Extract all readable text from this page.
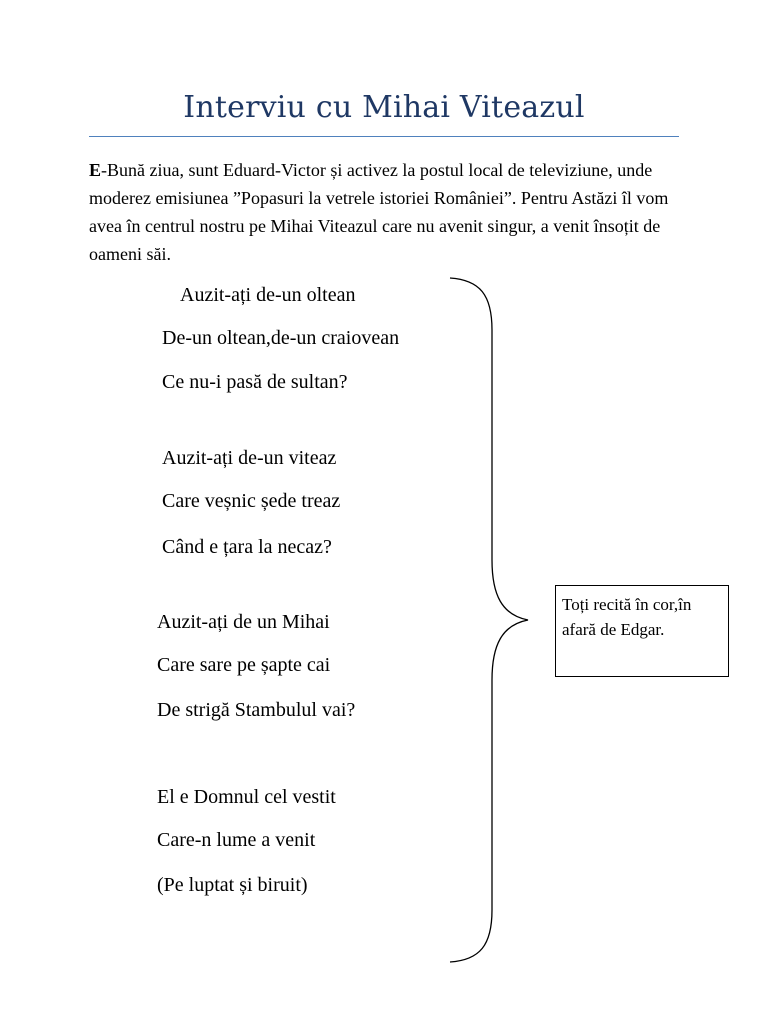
Interviu cu Mihai Viteazul
E-Bună ziua, sunt Eduard-Victor și activez la postul local de televiziune, unde moderez emisiunea ”Popasuri la vetrele istoriei României”. Pentru Astăzi îl vom avea în centrul nostru pe Mihai Viteazul care nu avenit singur, a venit însoțit de oameni săi.
Auzit-ați de-un oltean
De-un oltean,de-un craiovean
Ce nu-i pasă de sultan?
Auzit-ați de-un viteaz
Care veșnic șede treaz
Când e țara la necaz?
Auzit-ați de un Mihai
Care sare pe șapte cai
De strigă Stambulul vai?
El e Domnul cel vestit
Care-n lume a venit
(Pe luptat și biruit)
Toți recită în cor,în afară de Edgar.
